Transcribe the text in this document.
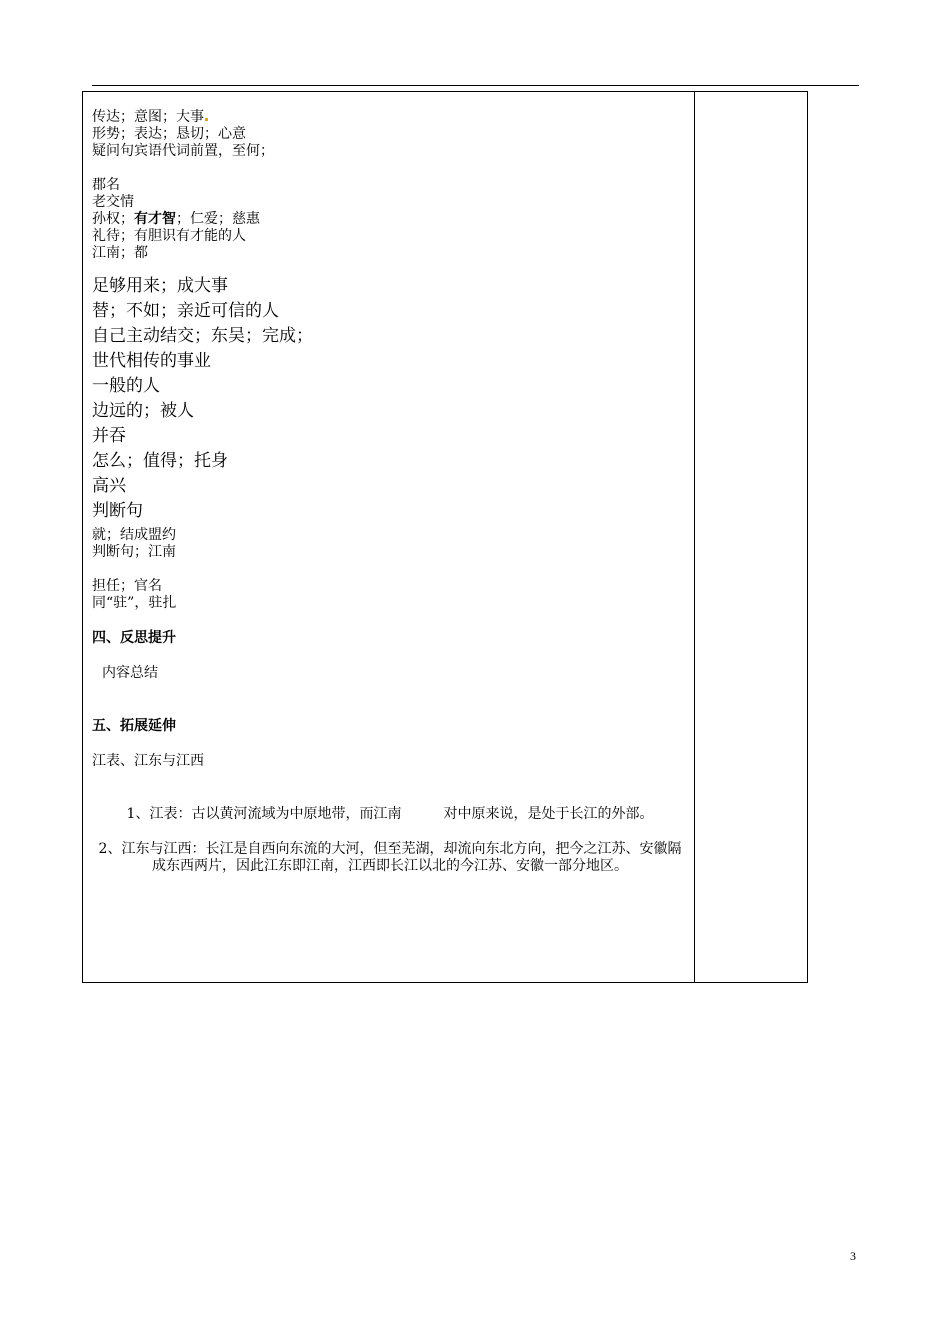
传达；意图；大事
形势；表达；恳切；心意
疑问句宾语代词前置，至何；
郡名
老交情
孙权；有才智；仁爱；慈惠
礼待；有胆识有才能的人
江南；都
足够用来；成大事
替；不如；亲近可信的人
自己主动结交；东吴；完成；
世代相传的事业
一般的人
边远的；被人
并吞
怎么；值得；托身
高兴
判断句
就；结成盟约
判断句；江南
担任；官名
同“驻”，驻扎
四、反思提升
内容总结
五、拓展延伸
江表、江东与江西
1、江表：古以黄河流域为中原地带，而江南　　　对中原来说，是处于长江的外部。
2、江东与江西：长江是自西向东流的大河，但至芜湖，却流向东北方向，把今之江苏、安徽隔成东西两片，因此江东即江南，江西即长江以北的今江苏、安徽一部分地区。
3
